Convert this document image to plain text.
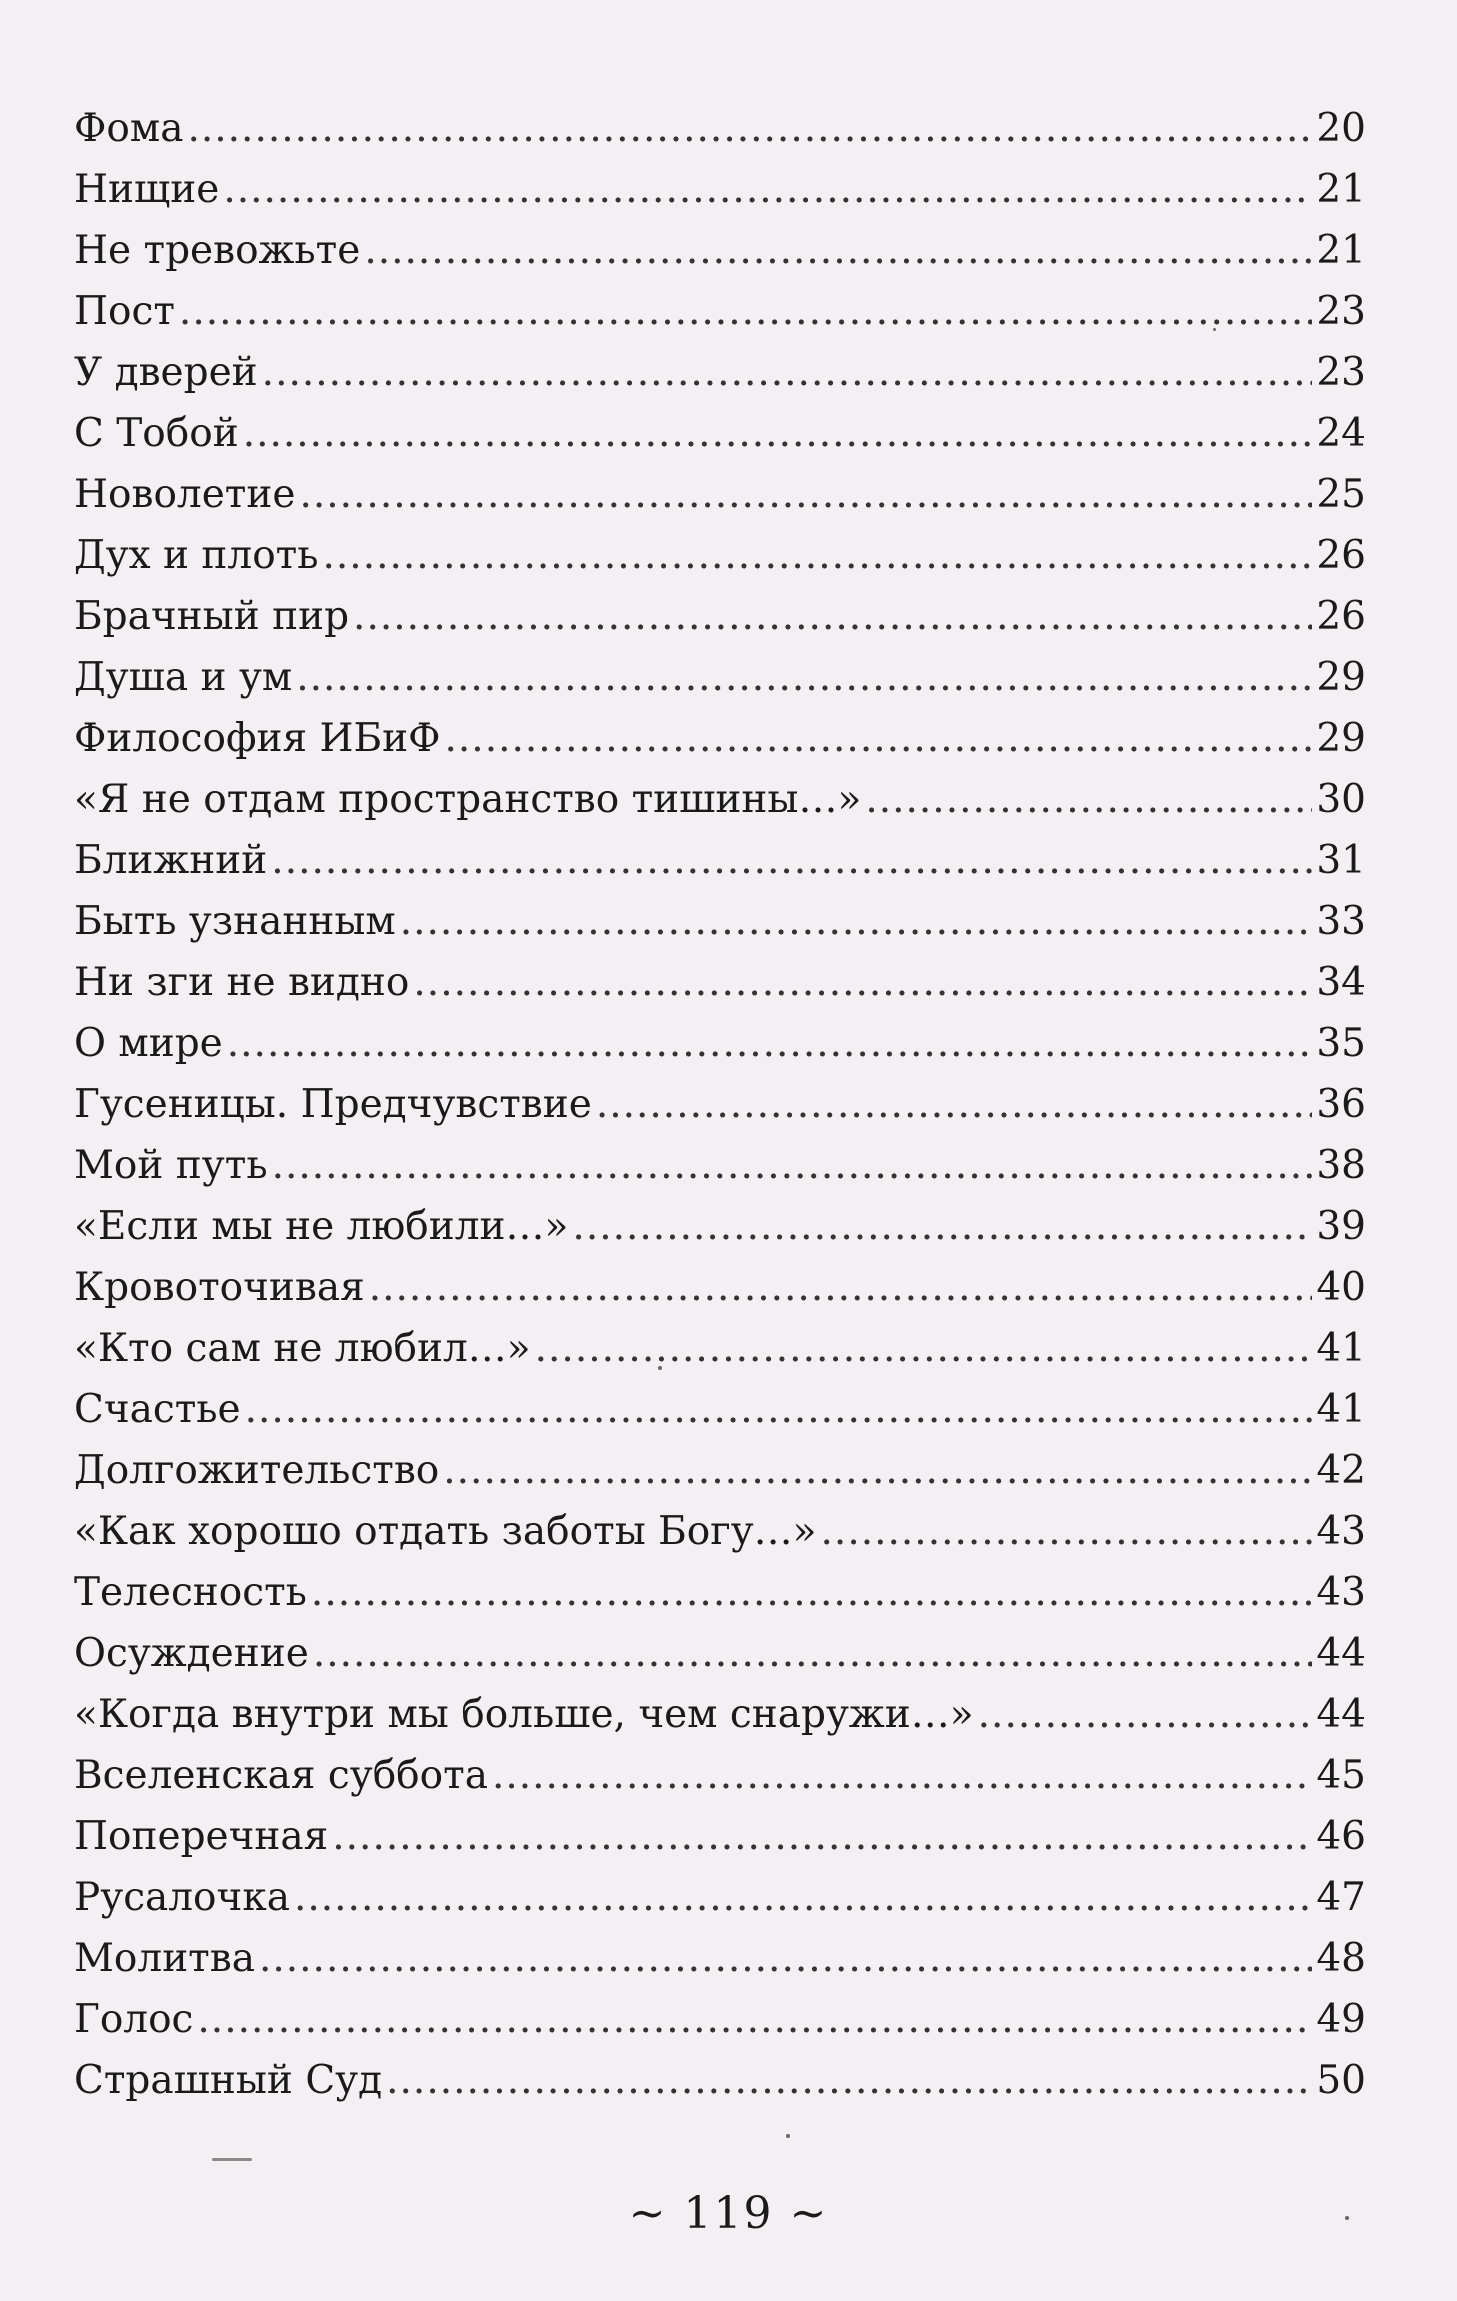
Фома .....	20
Нищие .....	21
Не тревожьте .....	21
Пост .....	23
У дверей .....	23
С Тобой .....	24
Новолетие .....	25
Дух и плоть .....	26
Брачный пир .....	26
Душа и ум .....	29
Философия ИБиФ .....	29
«Я не отдам пространство тишины…» .....	30
Ближний .....	31
Быть узнанным .....	33
Ни зги не видно .....	34
О мире .....	35
Гусеницы. Предчувствие .....	36
Мой путь .....	38
«Если мы не любили…» .....	39
Кровоточивая .....	40
«Кто сам не любил…» .....	41
Счастье .....	41
Долгожительство .....	42
«Как хорошо отдать заботы Богу…» .....	43
Телесность .....	43
Осуждение .....	44
«Когда внутри мы больше, чем снаружи…» .....	44
Вселенская суббота .....	45
Поперечная .....	46
Русалочка .....	47
Молитва .....	48
Голос .....	49
Страшный Суд .....	50
~ 119 ~
